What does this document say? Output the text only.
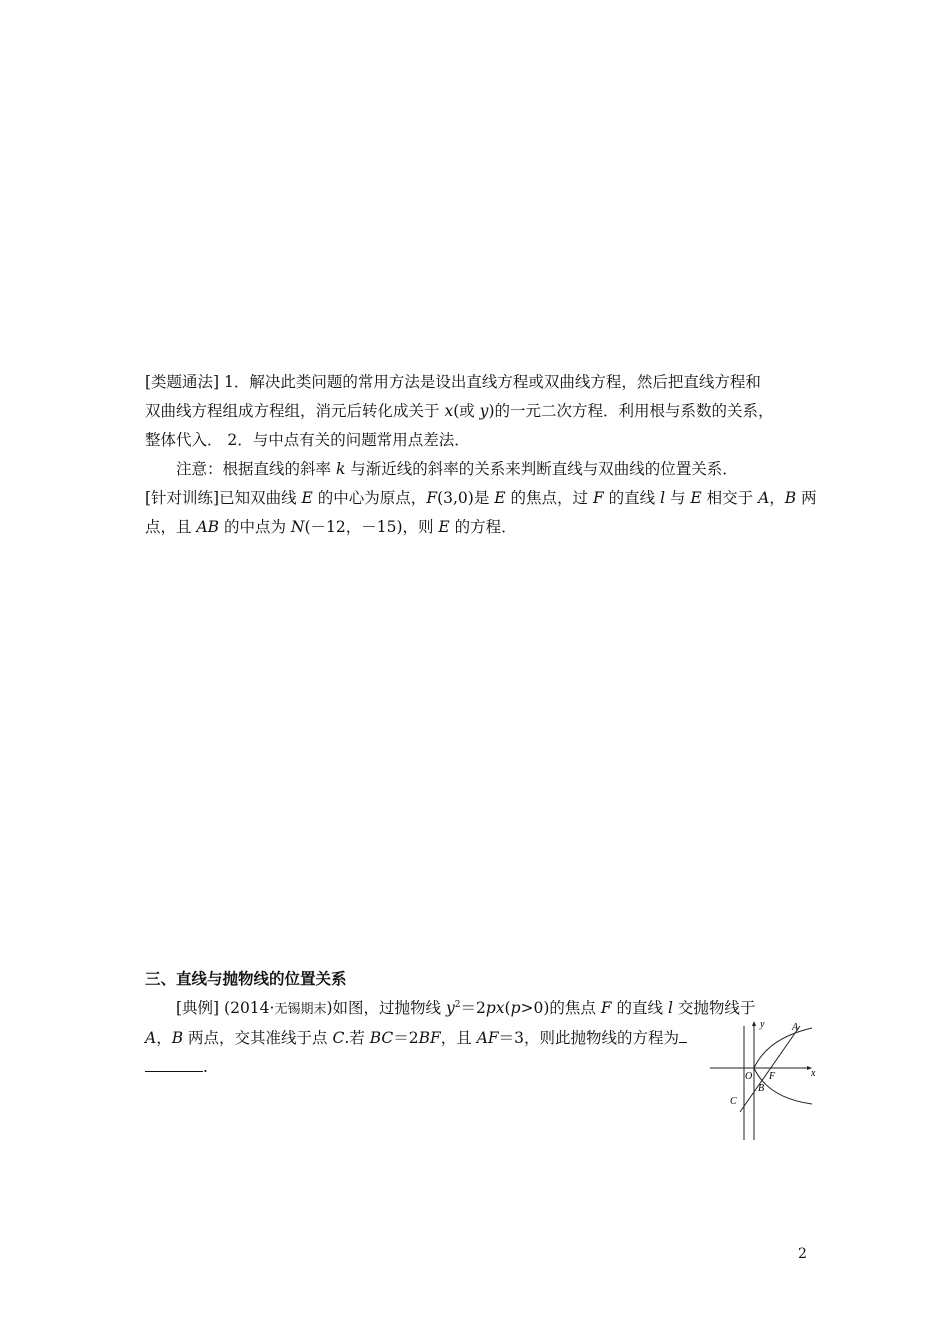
[类题通法] 1．解决此类问题的常用方法是设出直线方程或双曲线方程，然后把直线方程和
双曲线方程组成方程组，消元后转化成关于 x(或 y)的一元二次方程．利用根与系数的关系，
整体代入． 2．与中点有关的问题常用点差法．
注意：根据直线的斜率 k 与渐近线的斜率的关系来判断直线与双曲线的位置关系．
[针对训练]已知双曲线 E 的中心为原点，F(3,0)是 E 的焦点，过 F 的直线 l 与 E 相交于 A，B 两
点，且 AB 的中点为 N(－12，－15)，则 E 的方程．
三、直线与抛物线的位置关系
[典例] (2014·无锡期末)如图，过抛物线 $y^2=2px(p>0)$的焦点 F 的直线 l 交抛物线于
A，B 两点，交其准线于点 C.若 BC＝2BF，且 AF＝3，则此抛物线的方程为
.
y
x
A
O F
B
C
2
